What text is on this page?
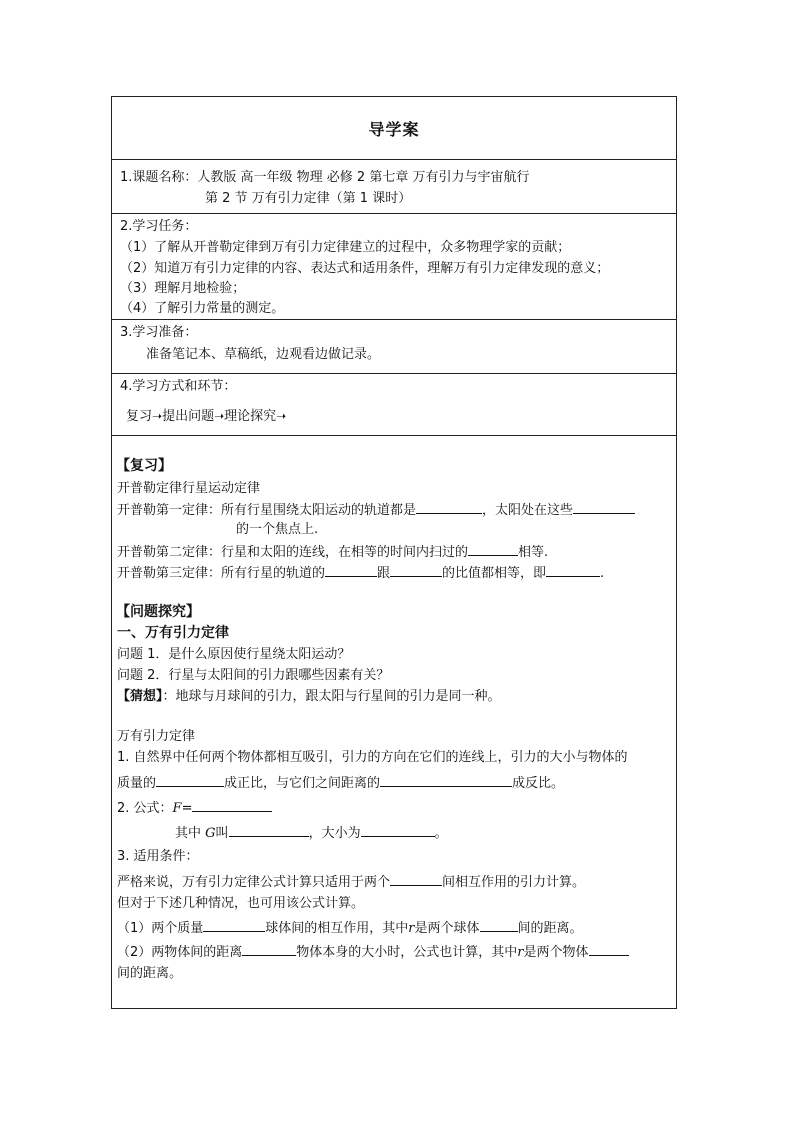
导学案
1.课题名称：人教版 高一年级 物理 必修 2 第七章 万有引力与宇宙航行
第 2 节 万有引力定律（第 1 课时）
2.学习任务：
（1）了解从开普勒定律到万有引力定律建立的过程中，众多物理学家的贡献；
（2）知道万有引力定律的内容、表达式和适用条件，理解万有引力定律发现的意义；
（3）理解月地检验；
（4）了解引力常量的测定。
3.学习准备：
准备笔记本、草稿纸，边观看边做记录。
4.学习方式和环节：
复习➝提出问题➝理论探究➝
【复习】
开普勒定律行星运动定律
开普勒第一定律：所有行星围绕太阳运动的轨道都是	，太阳处在这些
的一个焦点上.
开普勒第二定律：行星和太阳的连线，在相等的时间内扫过的	相等.
开普勒第三定律：所有行星的轨道的	跟	的比值都相等，即	.
【问题探究】
一、万有引力定律
问题 1．是什么原因使行星绕太阳运动？
问题 2．行星与太阳间的引力跟哪些因素有关？
【猜想】：地球与月球间的引力，跟太阳与行星间的引力是同一种。
万有引力定律
1. 自然界中任何两个物体都相互吸引，引力的方向在它们的连线上，引力的大小与物体的
质量的	成正比，与它们之间距离的	成反比。
2. 公式：F=
其中 G叫	，大小为	。
3. 适用条件：
严格来说，万有引力定律公式计算只适用于两个	间相互作用的引力计算。
但对于下述几种情况，也可用该公式计算。
（1）两个质量	球体间的相互作用，其中r是两个球体	间的距离。
（2）两物体间的距离	物体本身的大小时，公式也计算，其中r是两个物体
间的距离。
